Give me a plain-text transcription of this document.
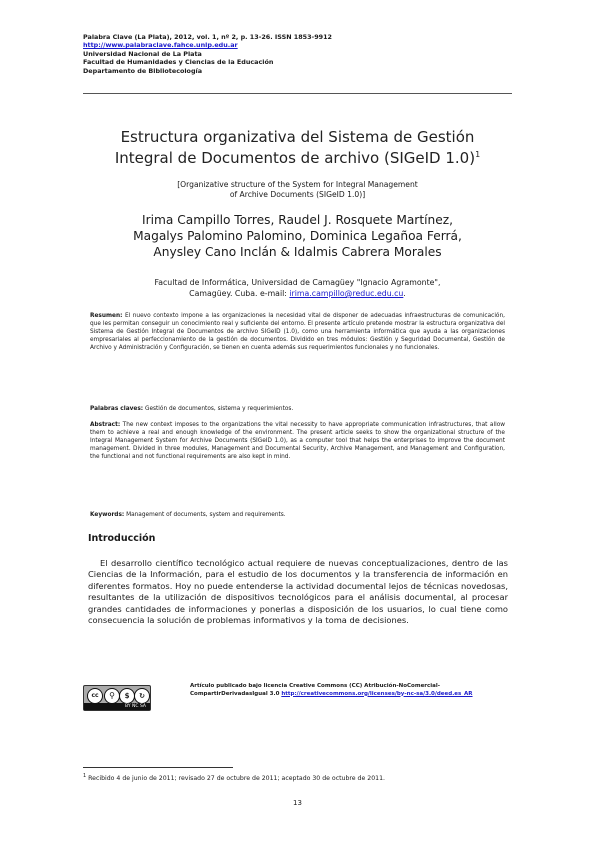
Palabra Clave (La Plata), 2012, vol. 1, nº 2, p. 13-26. ISSN 1853-9912
http://www.palabraclave.fahce.unlp.edu.ar
Universidad Nacional de La Plata
Facultad de Humanidades y Ciencias de la Educación
Departamento de Bibliotecología
Estructura organizativa del Sistema de Gestión
Integral de Documentos de archivo (SIGeID 1.0)$^1$
[Organizative structure of the System for Integral Management
of Archive Documents (SIGeID 1.0)]
Irima Campillo Torres, Raudel J. Rosquete Martínez,
Magalys Palomino Palomino, Dominica Legañoa Ferrá,
Anysley Cano Inclán & Idalmis Cabrera Morales
Facultad de Informática, Universidad de Camagüey "Ignacio Agramonte",
Camagüey. Cuba. e-mail: irima.campillo@reduc.edu.cu.
Resumen: El nuevo contexto impone a las organizaciones la necesidad vital de disponer de adecuadas infraestructuras de comunicación, que les permitan conseguir un conocimiento real y suficiente del entorno. El presente artículo pretende mostrar la estructura organizativa del Sistema de Gestión Integral de Documentos de archivo SIGeID (1.0), como una herramienta informática que ayuda a las organizaciones empresariales al perfeccionamiento de la gestión de documentos. Dividido en tres módulos: Gestión y Seguridad Documental, Gestión de Archivo y Administración y Configuración, se tienen en cuenta además sus requerimientos funcionales y no funcionales.
Palabras claves: Gestión de documentos, sistema y requerimientos.
Abstract: The new context imposes to the organizations the vital necessity to have appropriate communication infrastructures, that allow them to achieve a real and enough knowledge of the environment. The present article seeks to show the organizational structure of the Integral Management System for Archive Documents (SIGeID 1.0), as a computer tool that helps the enterprises to improve the document management. Divided in three modules, Management and Documental Security, Archive Management, and Management and Configuration, the functional and not functional requirements are also kept in mind.
Keywords: Management of documents, system and requirements.
Introducción
El desarrollo científico tecnológico actual requiere de nuevas conceptualizaciones, dentro de las Ciencias de la Información, para el estudio de los documentos y la transferencia de información en diferentes formatos. Hoy no puede entenderse la actividad documental lejos de técnicas novedosas, resultantes de la utilización de dispositivos tecnológicos para el análisis documental, al procesar grandes cantidades de informaciones y ponerlas a disposición de los usuarios, lo cual tiene como consecuencia la solución de problemas informativos y la toma de decisiones.
cc	⚲	$	↻
BY NC SA
Artículo publicado bajo licencia Creative Commons (CC) Atribución-NoComercial-CompartirDerivadasIgual 3.0 http://creativecommons.org/licenses/by-nc-sa/3.0/deed.es_AR
$^1$ Recibido 4 de junio de 2011; revisado 27 de octubre de 2011; aceptado 30 de octubre de 2011.
13
